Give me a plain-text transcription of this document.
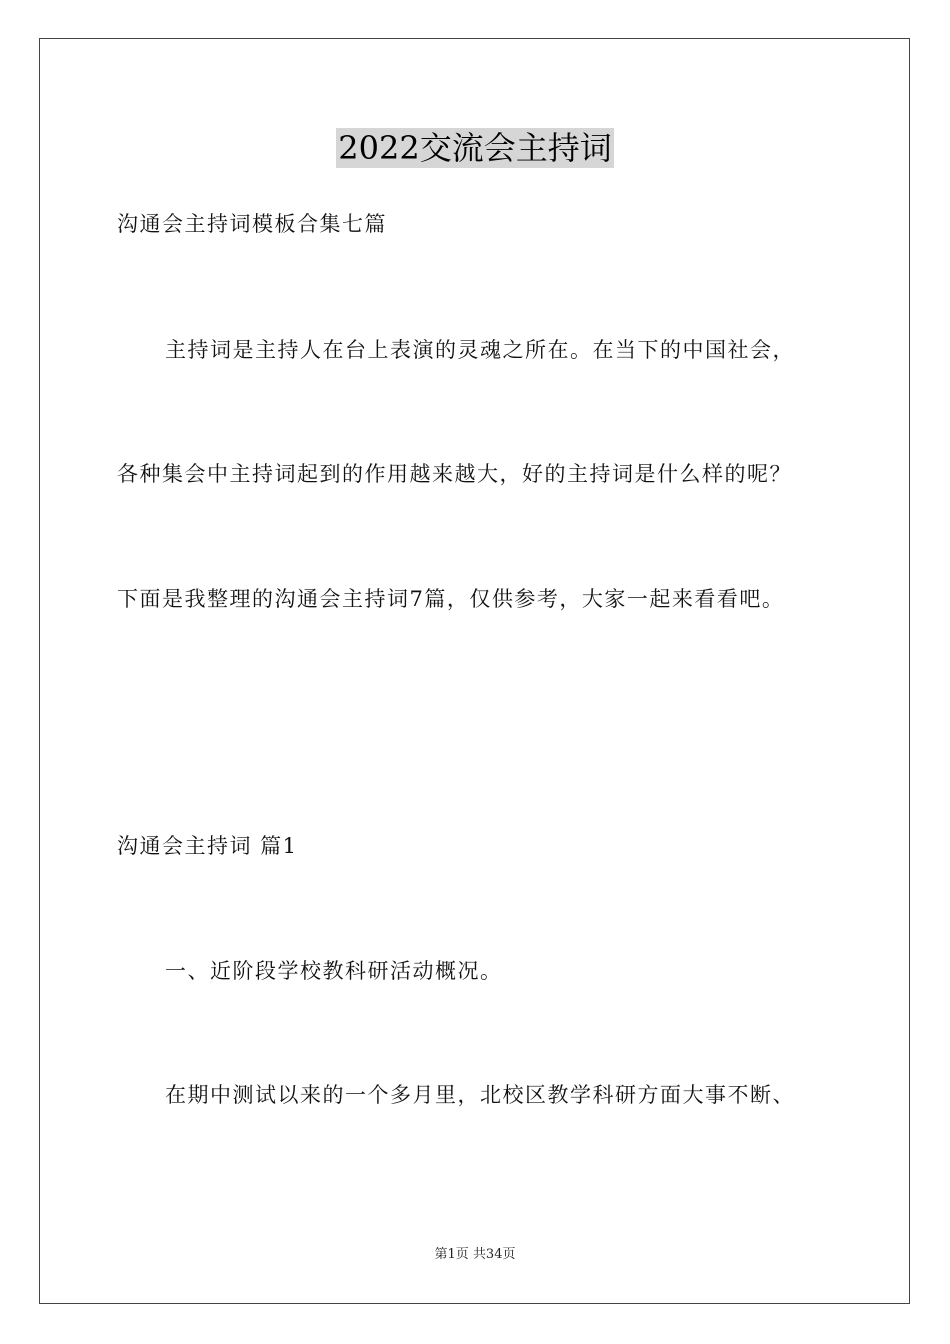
2022交流会主持词
沟通会主持词模板合集七篇
主持词是主持人在台上表演的灵魂之所在。在当下的中国社会，
各种集会中主持词起到的作用越来越大，好的主持词是什么样的呢？
下面是我整理的沟通会主持词7篇，仅供参考，大家一起来看看吧。
沟通会主持词 篇1
一、近阶段学校教科研活动概况。
在期中测试以来的一个多月里，北校区教学科研方面大事不断、
第1页 共34页
